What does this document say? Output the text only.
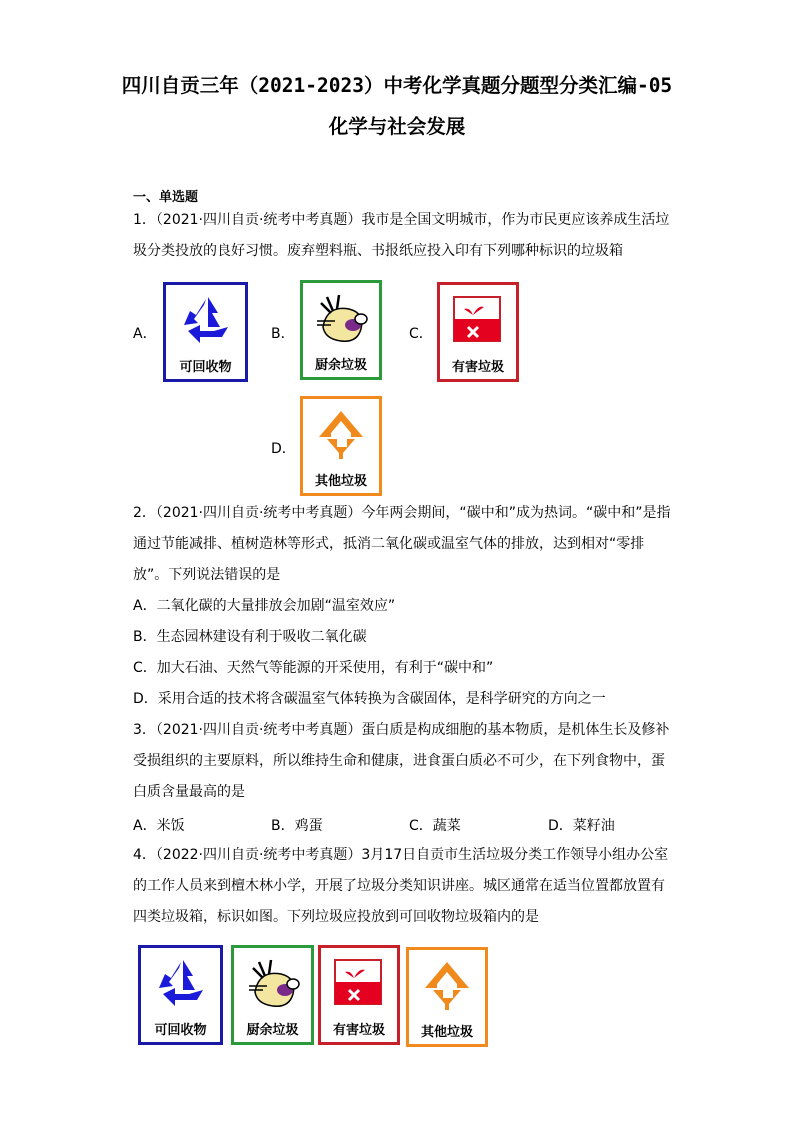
四川自贡三年（2021-2023）中考化学真题分题型分类汇编-05
化学与社会发展
一、单选题
1．（2021·四川自贡·统考中考真题）我市是全国文明城市，作为市民更应该养成生活垃
圾分类投放的良好习惯。废弃塑料瓶、书报纸应投入印有下列哪种标识的垃圾箱
A．
可回收物
B．
厨余垃圾
C．
有害垃圾
D．
其他垃圾
2．（2021·四川自贡·统考中考真题）今年两会期间，“碳中和”成为热词。“碳中和”是指
通过节能减排、植树造林等形式，抵消二氧化碳或温室气体的排放，达到相对“零排
放”。下列说法错误的是
A．二氧化碳的大量排放会加剧“温室效应”
B．生态园林建设有利于吸收二氧化碳
C．加大石油、天然气等能源的开采使用，有利于“碳中和”
D．采用合适的技术将含碳温室气体转换为含碳固体，是科学研究的方向之一
3．（2021·四川自贡·统考中考真题）蛋白质是构成细胞的基本物质，是机体生长及修补
受损组织的主要原料，所以维持生命和健康，进食蛋白质必不可少，在下列食物中，蛋
白质含量最高的是
A．米饭	B．鸡蛋	C．蔬菜	D．菜籽油
4．（2022·四川自贡·统考中考真题）3月17日自贡市生活垃圾分类工作领导小组办公室
的工作人员来到檀木林小学，开展了垃圾分类知识讲座。城区通常在适当位置都放置有
四类垃圾箱，标识如图。下列垃圾应投放到可回收物垃圾箱内的是
可回收物	厨余垃圾	有害垃圾	其他垃圾
